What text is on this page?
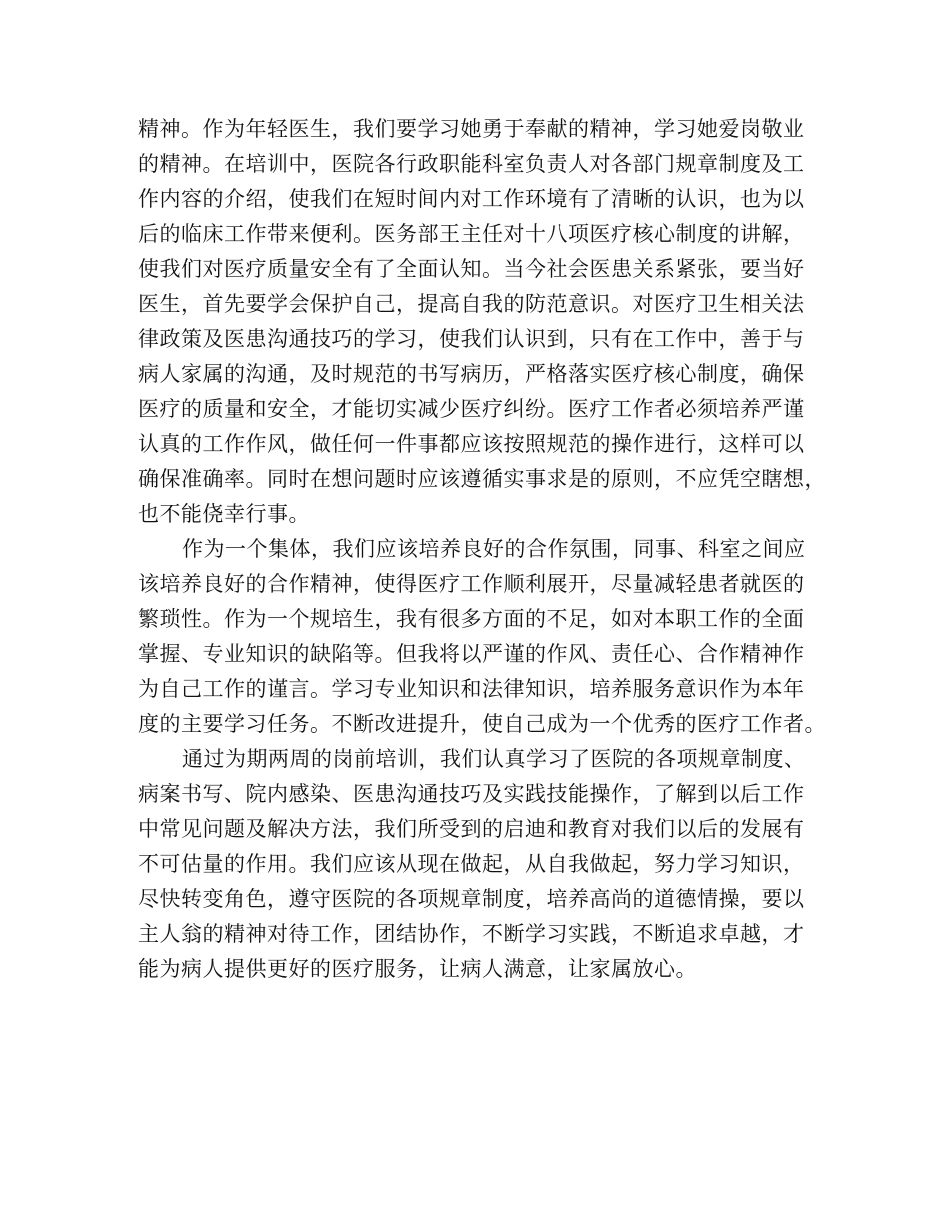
精神。作为年轻医生，我们要学习她勇于奉献的精神，学习她爱岗敬业
的精神。在培训中，医院各行政职能科室负责人对各部门规章制度及工
作内容的介绍，使我们在短时间内对工作环境有了清晰的认识，也为以
后的临床工作带来便利。医务部王主任对十八项医疗核心制度的讲解，
使我们对医疗质量安全有了全面认知。当今社会医患关系紧张，要当好
医生，首先要学会保护自己，提高自我的防范意识。对医疗卫生相关法
律政策及医患沟通技巧的学习，使我们认识到，只有在工作中，善于与
病人家属的沟通，及时规范的书写病历，严格落实医疗核心制度，确保
医疗的质量和安全，才能切实减少医疗纠纷。医疗工作者必须培养严谨
认真的工作作风，做任何一件事都应该按照规范的操作进行，这样可以
确保准确率。同时在想问题时应该遵循实事求是的原则，不应凭空瞎想，
也不能侥幸行事。
作为一个集体，我们应该培养良好的合作氛围，同事、科室之间应
该培养良好的合作精神，使得医疗工作顺利展开，尽量减轻患者就医的
繁琐性。作为一个规培生，我有很多方面的不足，如对本职工作的全面
掌握、专业知识的缺陷等。但我将以严谨的作风、责任心、合作精神作
为自己工作的谨言。学习专业知识和法律知识，培养服务意识作为本年
度的主要学习任务。不断改进提升，使自己成为一个优秀的医疗工作者。
通过为期两周的岗前培训，我们认真学习了医院的各项规章制度、
病案书写、院内感染、医患沟通技巧及实践技能操作，了解到以后工作
中常见问题及解决方法，我们所受到的启迪和教育对我们以后的发展有
不可估量的作用。我们应该从现在做起，从自我做起，努力学习知识，
尽快转变角色，遵守医院的各项规章制度，培养高尚的道德情操，要以
主人翁的精神对待工作，团结协作，不断学习实践，不断追求卓越，才
能为病人提供更好的医疗服务，让病人满意，让家属放心。
